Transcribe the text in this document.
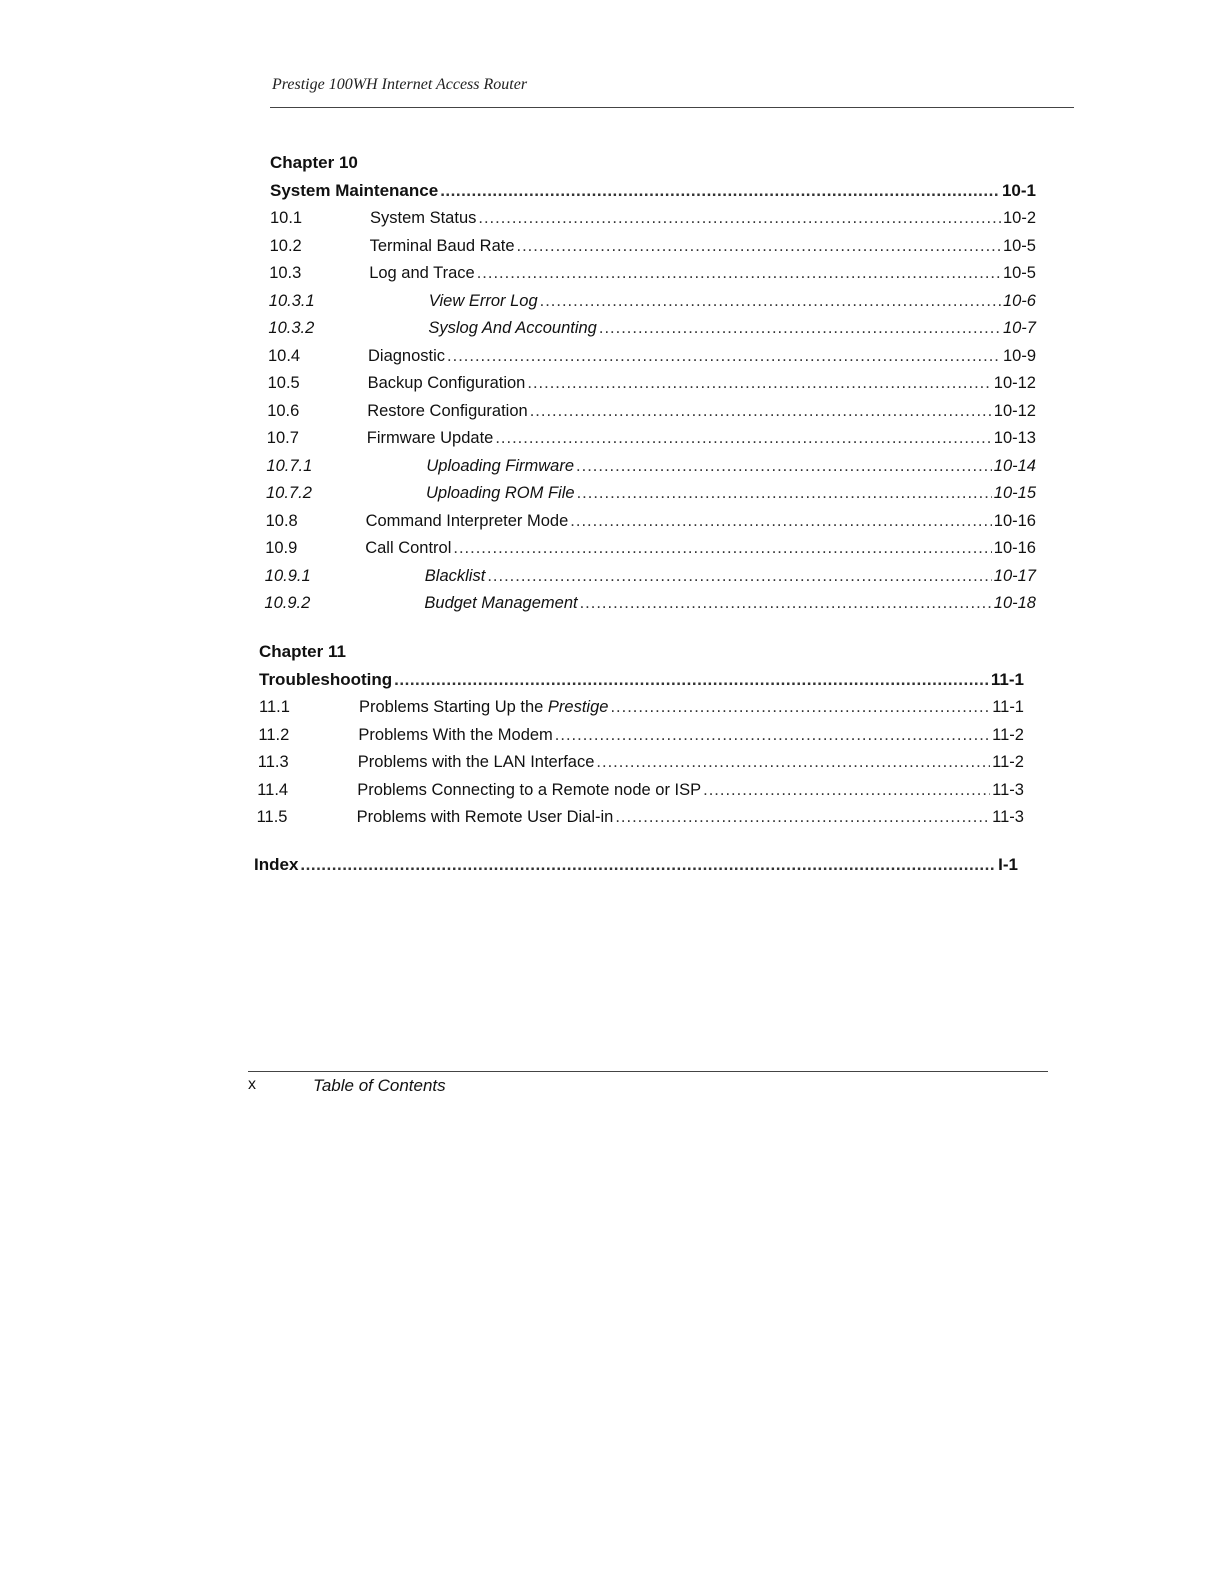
Prestige 100WH Internet Access Router
Chapter 10
System Maintenance .....	10-1
10.1	System Status .....	10-2
10.2	Terminal Baud Rate .....	10-5
10.3	Log and Trace .....	10-5
10.3.1	View Error Log .....	10-6
10.3.2	Syslog And Accounting .....	10-7
10.4	Diagnostic .....	10-9
10.5	Backup Configuration .....	10-12
10.6	Restore Configuration .....	10-12
10.7	Firmware Update .....	10-13
10.7.1	Uploading Firmware .....	10-14
10.7.2	Uploading ROM File .....	10-15
10.8	Command Interpreter Mode .....	10-16
10.9	Call Control .....	10-16
10.9.1	Blacklist .....	10-17
10.9.2	Budget Management .....	10-18
Chapter 11
Troubleshooting .....	11-1
11.1	Problems Starting Up the Prestige .....	11-1
11.2	Problems With the Modem .....	11-2
11.3	Problems with the LAN Interface .....	11-2
11.4	Problems Connecting to a Remote node or ISP .....	11-3
11.5	Problems with Remote User Dial-in .....	11-3
Index .....	I-1
x	Table of Contents
